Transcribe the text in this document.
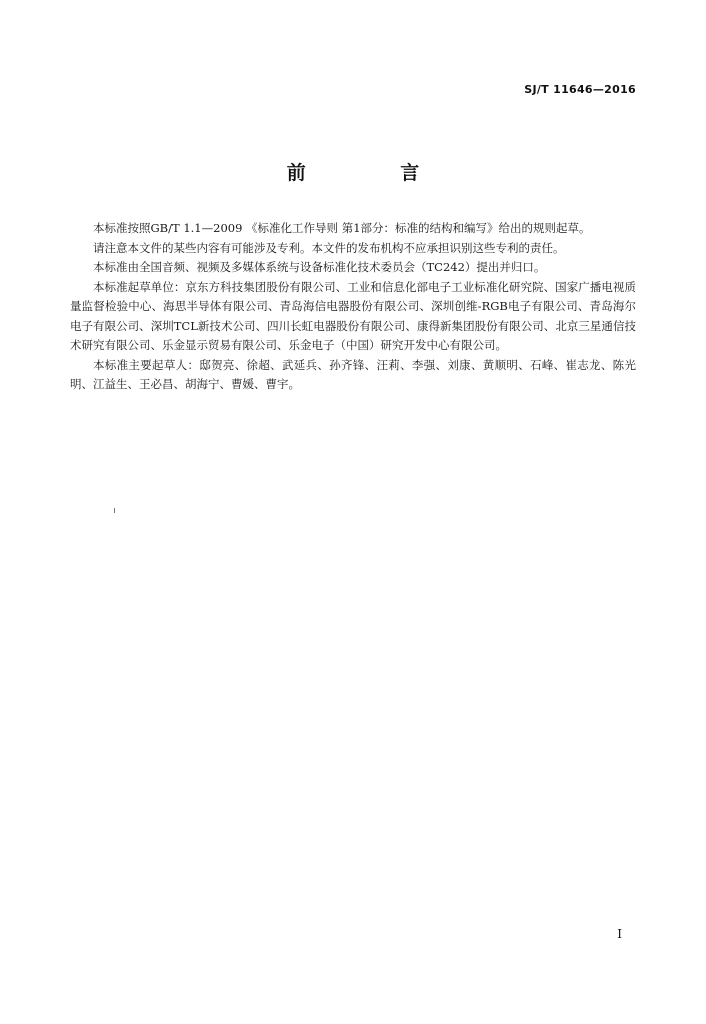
SJ/T 11646—2016
前 言

本标准按照GB/T 1.1—2009 《标准化工作导则 第1部分：标准的结构和编写》给出的规则起草。

请注意本文件的某些内容有可能涉及专利。本文件的发布机构不应承担识别这些专利的责任。

本标准由全国音频、视频及多媒体系统与设备标准化技术委员会（TC242）提出并归口。

本标准起草单位：京东方科技集团股份有限公司、工业和信息化部电子工业标准化研究院、国家广播电视质量监督检验中心、海思半导体有限公司、青岛海信电器股份有限公司、深圳创维-RGB电子有限公司、青岛海尔电子有限公司、深圳TCL新技术公司、四川长虹电器股份有限公司、康得新集团股份有限公司、北京三星通信技术研究有限公司、乐金显示贸易有限公司、乐金电子（中国）研究开发中心有限公司。

本标准主要起草人：邸贺亮、徐超、武延兵、孙齐锋、汪莉、李强、刘康、黄顺明、石峰、崔志龙、陈光明、江益生、王必昌、胡海宁、曹媛、曹宇。

I
